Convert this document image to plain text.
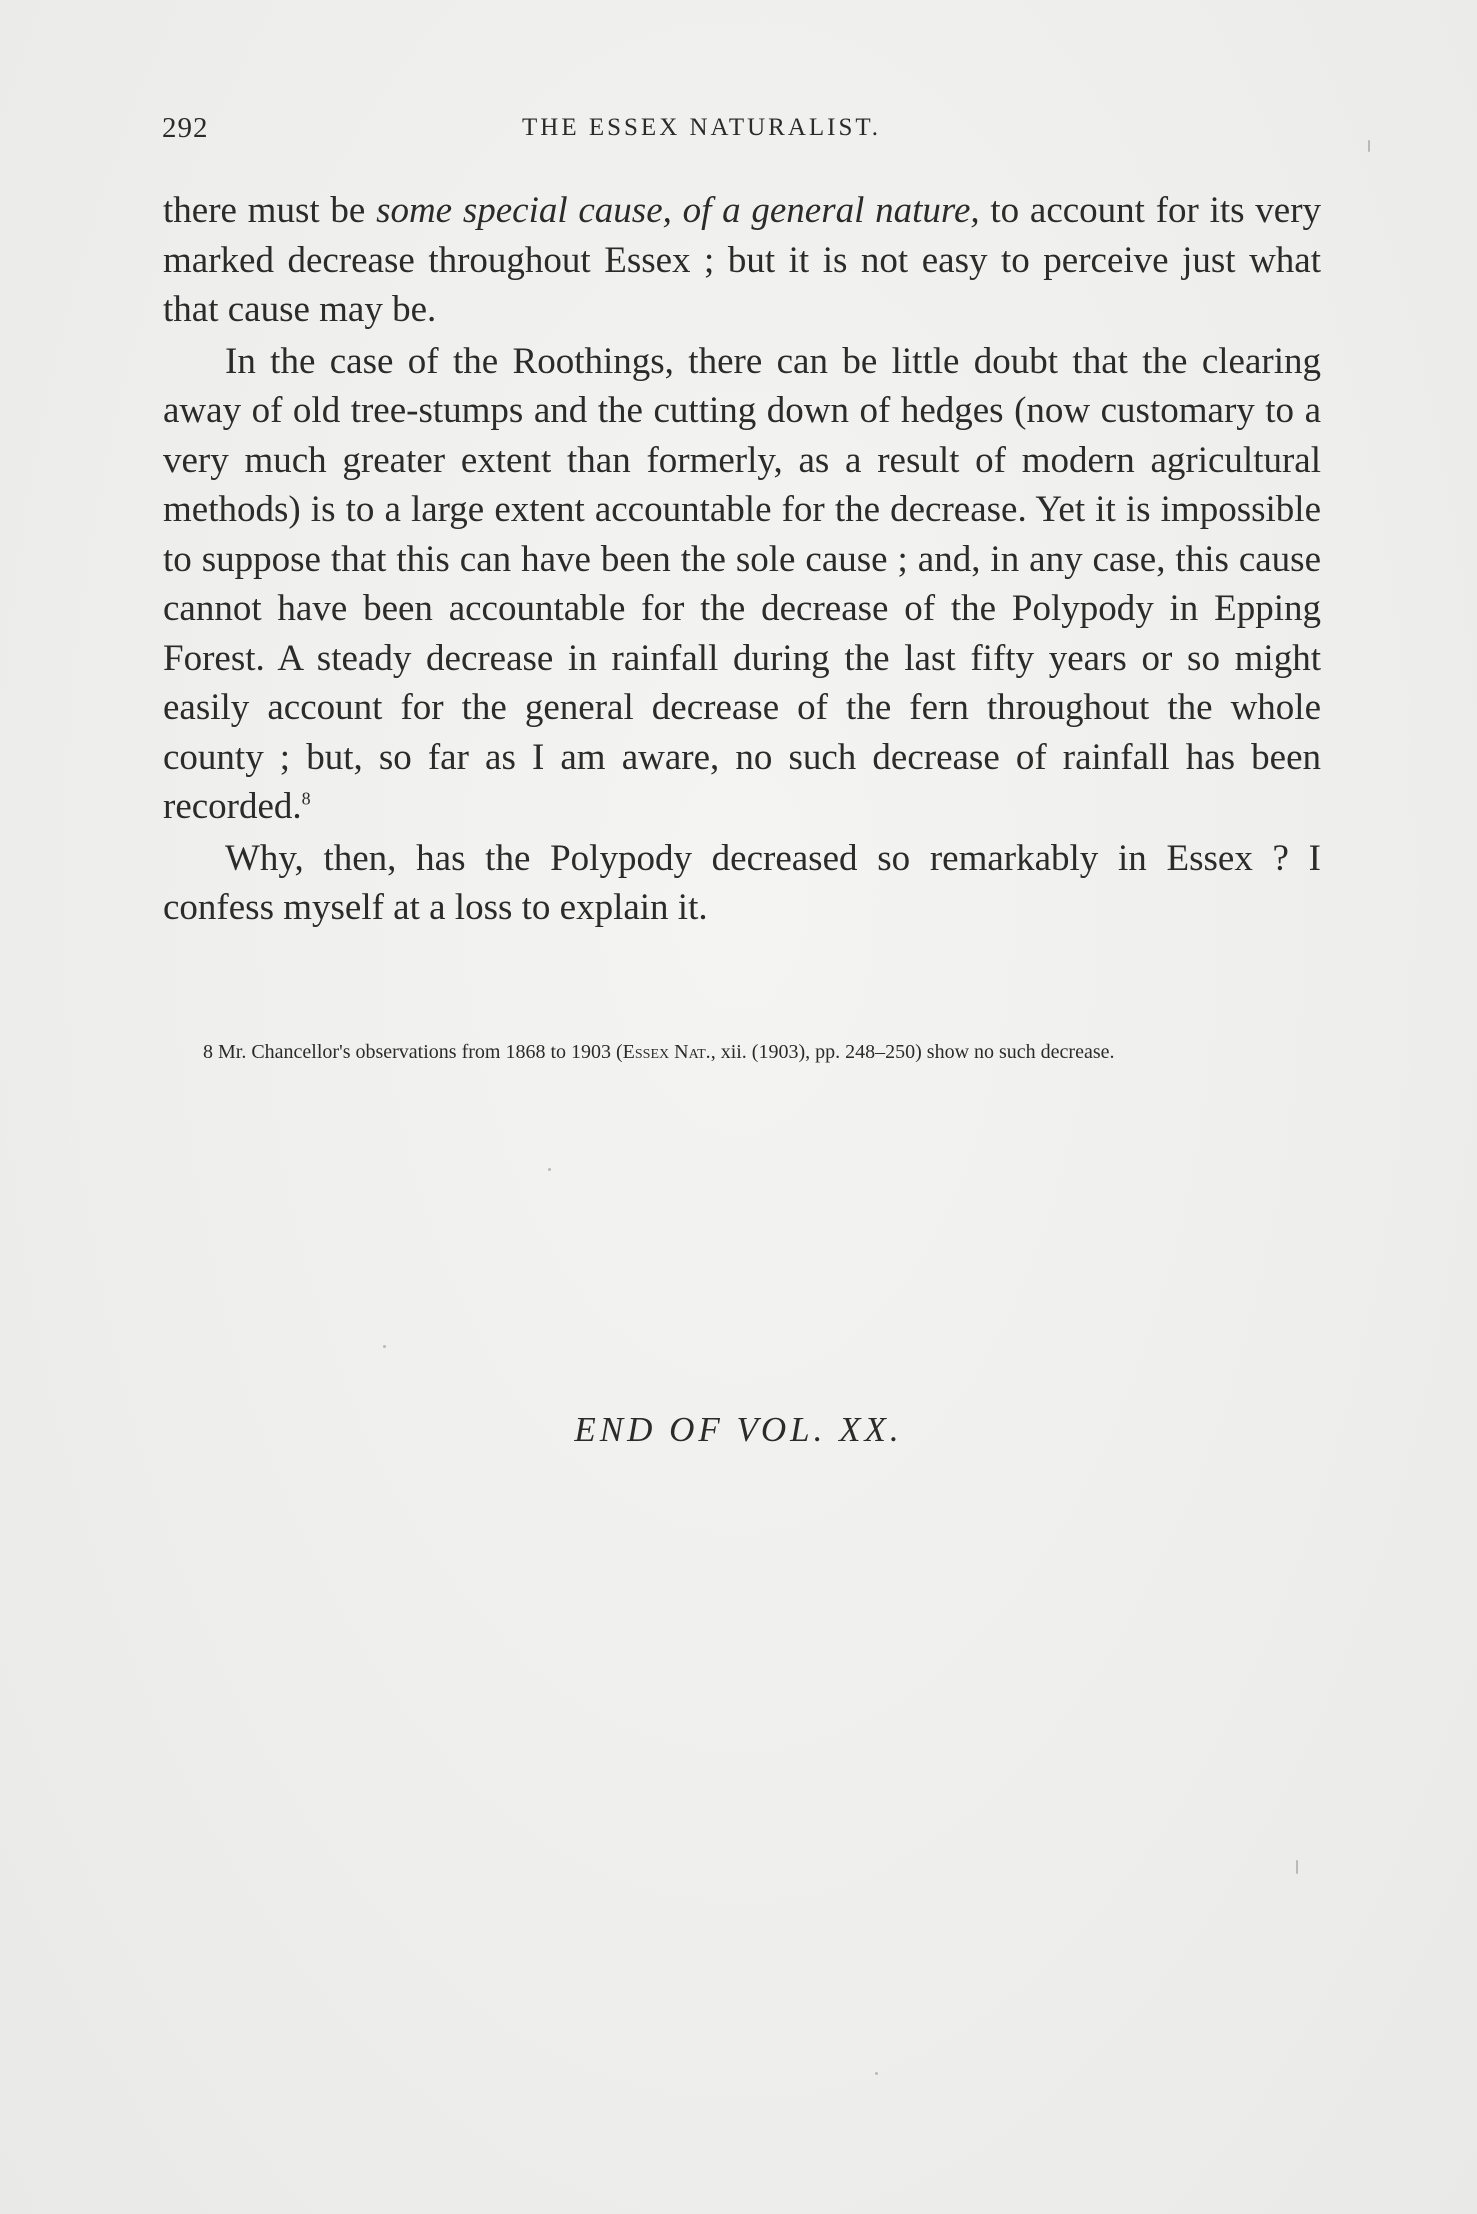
292	THE ESSEX NATURALIST.

there must be some special cause, of a general nature, to account for its very marked decrease throughout Essex ; but it is not easy to perceive just what that cause may be.

In the case of the Roothings, there can be little doubt that the clearing away of old tree-stumps and the cutting down of hedges (now customary to a very much greater extent than formerly, as a result of modern agricultural methods) is to a large extent accountable for the decrease. Yet it is impossible to suppose that this can have been the sole cause ; and, in any case, this cause cannot have been accountable for the decrease of the Polypody in Epping Forest. A steady decrease in rainfall during the last fifty years or so might easily account for the general decrease of the fern throughout the whole county ; but, so far as I am aware, no such decrease of rainfall has been recorded.$^8$

Why, then, has the Polypody decreased so remarkably in Essex ? I confess myself at a loss to explain it.

8 Mr. Chancellor's observations from 1868 to 1903 (Essex Nat., xii. (1903), pp. 248–250) show no such decrease.
END OF VOL. XX.
